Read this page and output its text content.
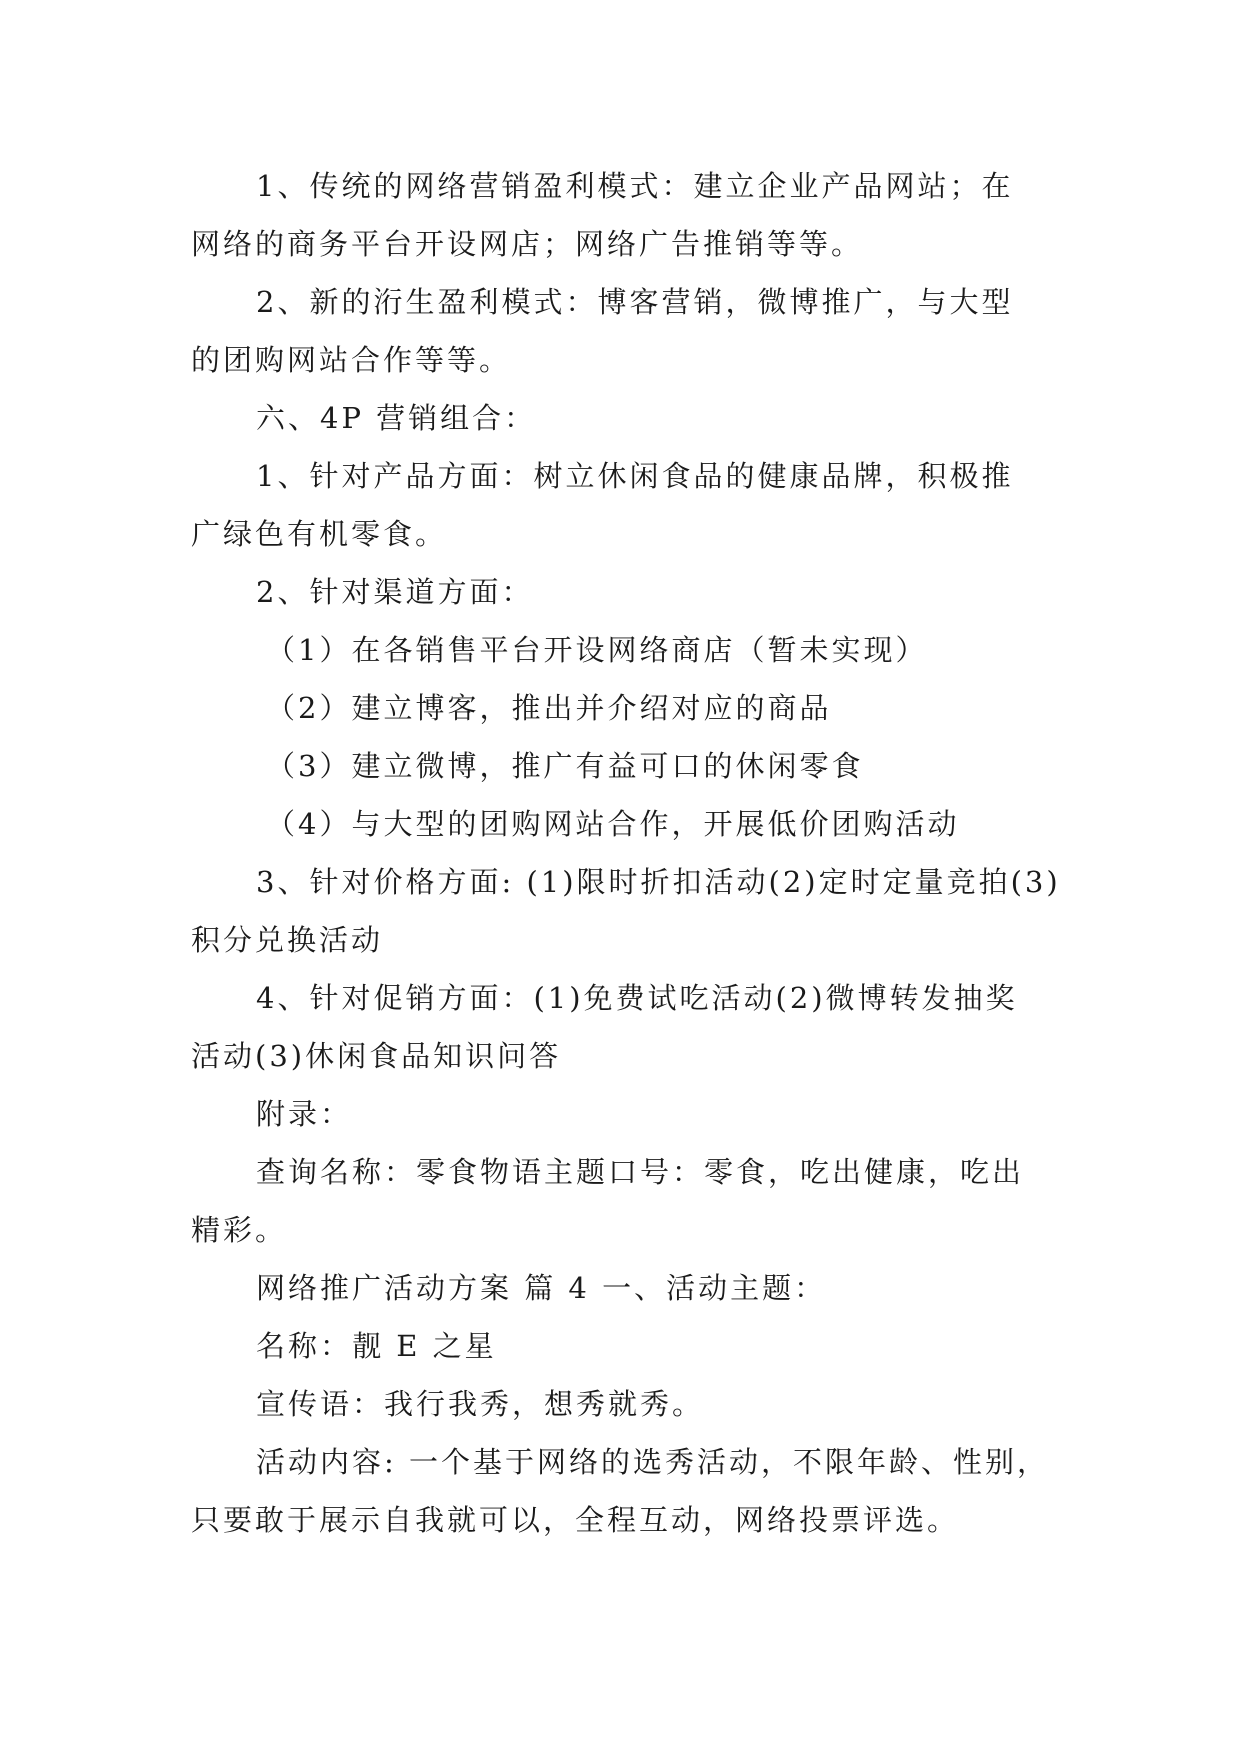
1、传统的网络营销盈利模式：建立企业产品网站；在
网络的商务平台开设网店；网络广告推销等等。
2、新的洐生盈利模式：博客营销，微博推广，与大型
的团购网站合作等等。
六、4P 营销组合：
1、针对产品方面：树立休闲食品的健康品牌，积极推
广绿色有机零食。
2、针对渠道方面：
（1）在各销售平台开设网络商店（暂未实现）
（2）建立博客，推出并介绍对应的商品
（3）建立微博，推广有益可口的休闲零食
（4）与大型的团购网站合作，开展低价团购活动
3、针对价格方面: (1)限时折扣活动(2)定时定量竞拍(3)
积分兑换活动
4、针对促销方面：(1)免费试吃活动(2)微博转发抽奖
活动(3)休闲食品知识问答
附录：
查询名称：零食物语主题口号：零食，吃出健康，吃出
精彩。
网络推广活动方案 篇 4 一、活动主题：
名称：靓 E 之星
宣传语：我行我秀，想秀就秀。
活动内容: 一个基于网络的选秀活动，不限年龄、性别，
只要敢于展示自我就可以，全程互动，网络投票评选。
